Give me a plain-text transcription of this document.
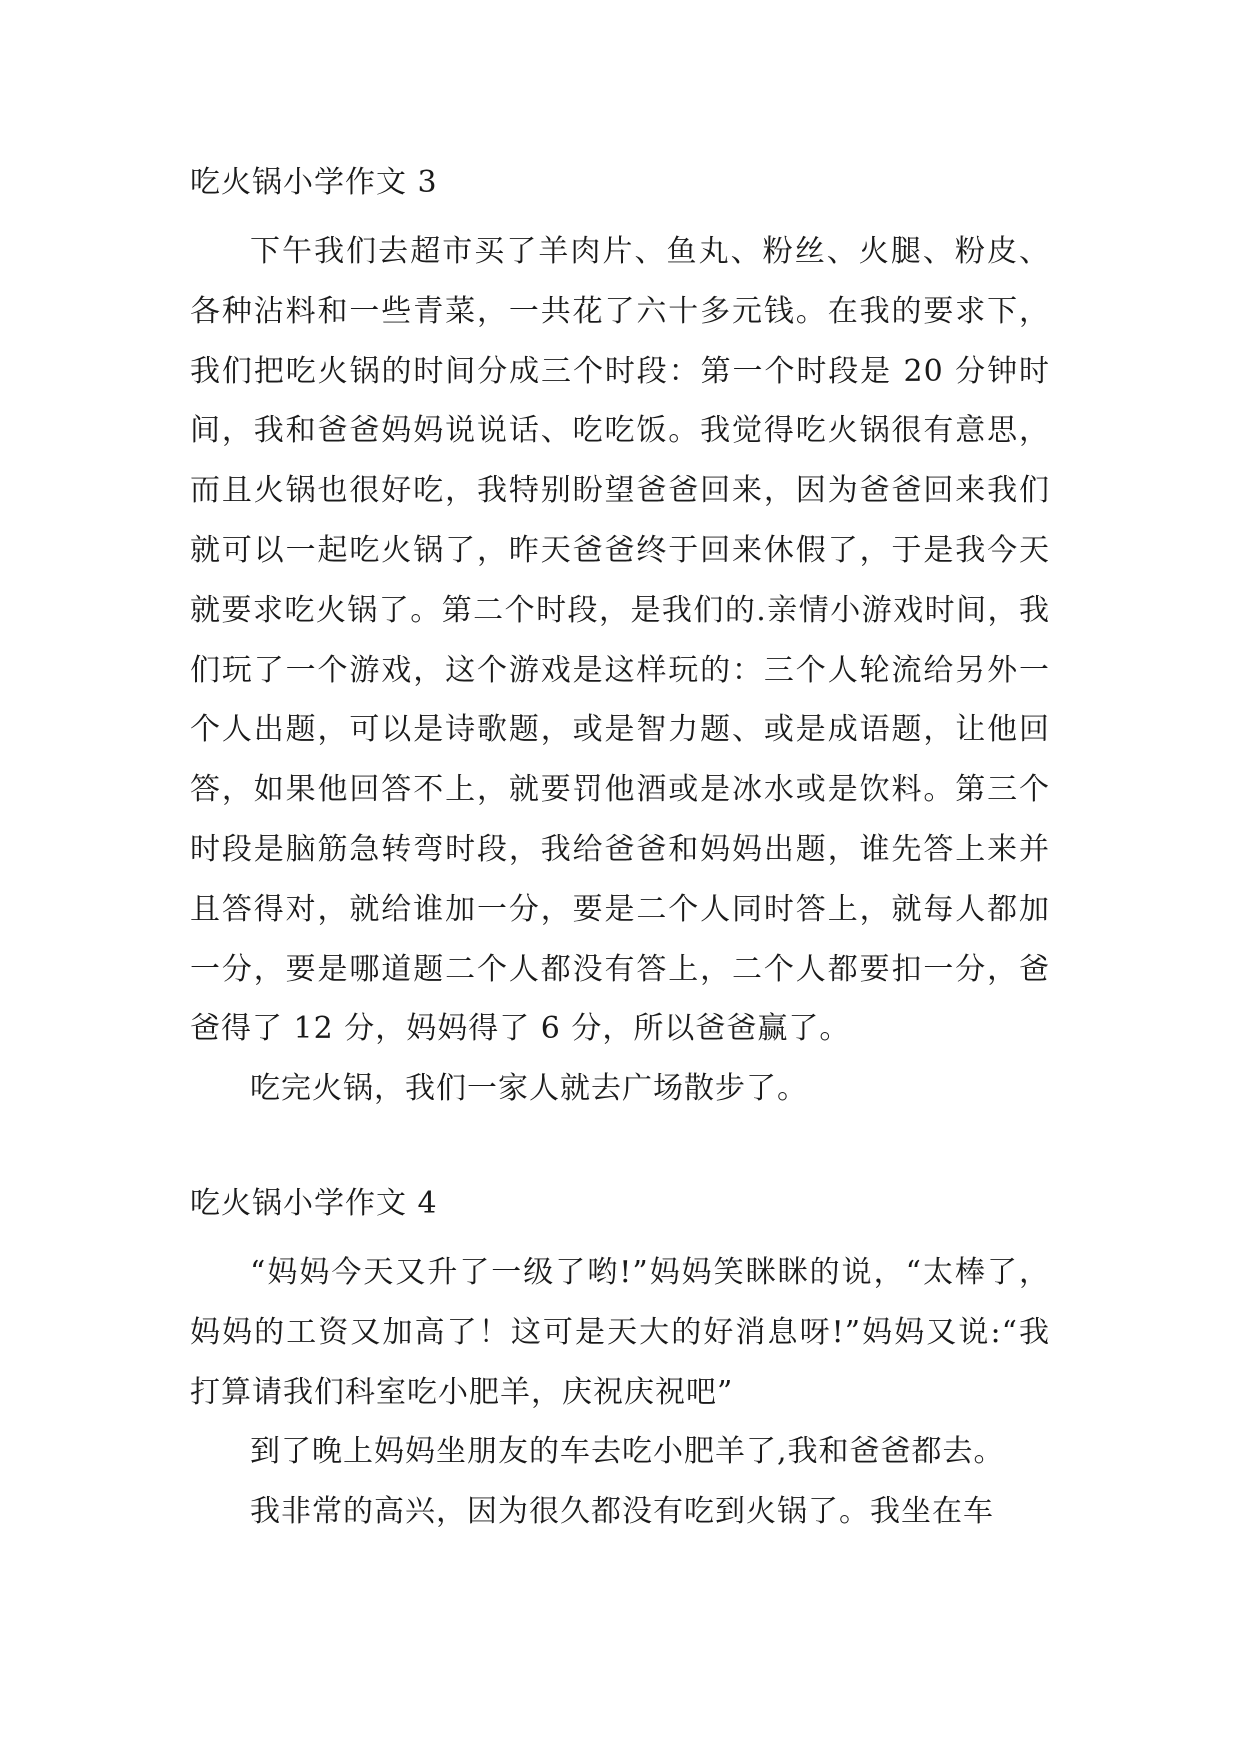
吃火锅小学作文 3

下午我们去超市买了羊肉片、鱼丸、粉丝、火腿、粉皮、各种沾料和一些青菜，一共花了六十多元钱。在我的要求下，我们把吃火锅的时间分成三个时段：第一个时段是 20 分钟时间，我和爸爸妈妈说说话、吃吃饭。我觉得吃火锅很有意思，而且火锅也很好吃，我特别盼望爸爸回来，因为爸爸回来我们就可以一起吃火锅了，昨天爸爸终于回来休假了，于是我今天就要求吃火锅了。第二个时段，是我们的.亲情小游戏时间，我们玩了一个游戏，这个游戏是这样玩的：三个人轮流给另外一个人出题，可以是诗歌题，或是智力题、或是成语题，让他回答，如果他回答不上，就要罚他酒或是冰水或是饮料。第三个时段是脑筋急转弯时段，我给爸爸和妈妈出题，谁先答上来并且答得对，就给谁加一分，要是二个人同时答上，就每人都加一分，要是哪道题二个人都没有答上，二个人都要扣一分，爸爸得了 12 分，妈妈得了 6 分，所以爸爸赢了。

吃完火锅，我们一家人就去广场散步了。

吃火锅小学作文 4

“妈妈今天又升了一级了哟!”妈妈笑眯眯的说，“太棒了，妈妈的工资又加高了！这可是天大的好消息呀!”妈妈又说:“我打算请我们科室吃小肥羊，庆祝庆祝吧”

到了晚上妈妈坐朋友的车去吃小肥羊了,我和爸爸都去。

我非常的高兴，因为很久都没有吃到火锅了。我坐在车
